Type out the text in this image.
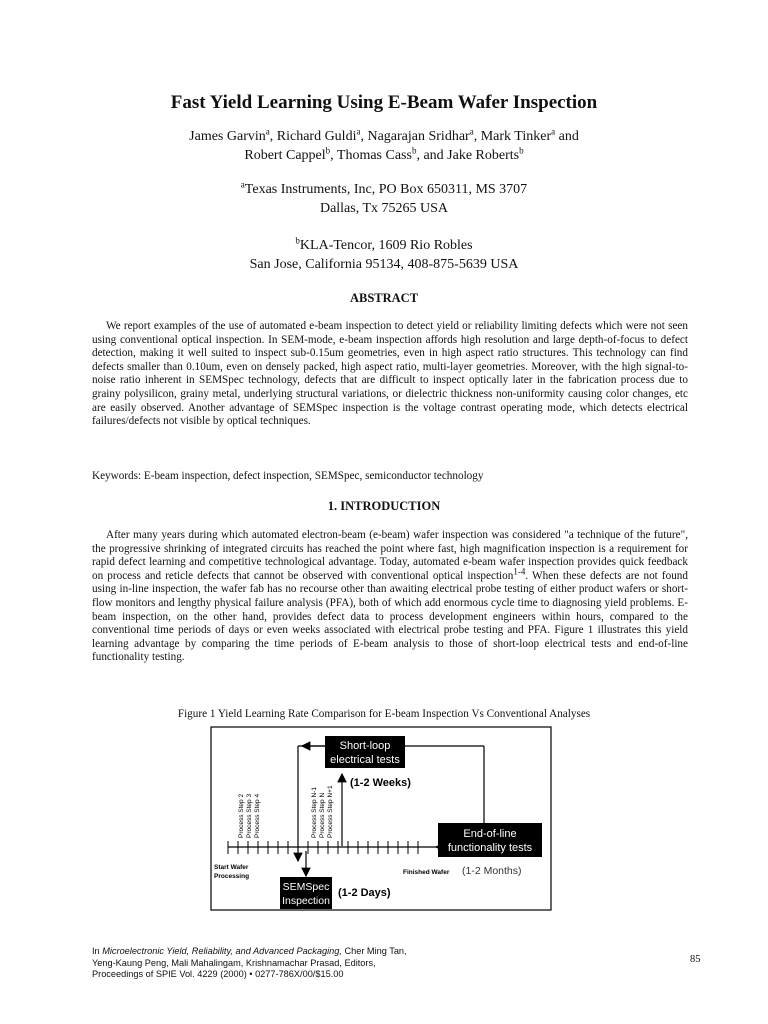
Fast Yield Learning Using E-Beam Wafer Inspection
James Garvin$^a$, Richard Guldi$^a$, Nagarajan Sridhar$^a$, Mark Tinker$^a$ and
Robert Cappel$^b$, Thomas Cass$^b$, and Jake Roberts$^b$
$^a$Texas Instruments, Inc, PO Box 650311, MS 3707
Dallas, Tx 75265 USA
$^b$KLA-Tencor, 1609 Rio Robles
San Jose, California 95134, 408-875-5639 USA
ABSTRACT
We report examples of the use of automated e-beam inspection to detect yield or reliability limiting defects which were not seen using conventional optical inspection. In SEM-mode, e-beam inspection affords high resolution and large depth-of-focus to defect detection, making it well suited to inspect sub-0.15um geometries, even in high aspect ratio structures. This technology can find defects smaller than 0.10um, even on densely packed, high aspect ratio, multi-layer geometries. Moreover, with the high signal-to-noise ratio inherent in SEMSpec technology, defects that are difficult to inspect optically later in the fabrication process due to grainy polysilicon, grainy metal, underlying structural variations, or dielectric thickness non-uniformity causing color changes, etc are easily observed. Another advantage of SEMSpec inspection is the voltage contrast operating mode, which detects electrical failures/defects not visible by optical techniques.
Keywords: E-beam inspection, defect inspection, SEMSpec, semiconductor technology
1. INTRODUCTION
After many years during which automated electron-beam (e-beam) wafer inspection was considered "a technique of the future", the progressive shrinking of integrated circuits has reached the point where fast, high magnification inspection is a requirement for rapid defect learning and competitive technological advantage. Today, automated e-beam wafer inspection provides quick feedback on process and reticle defects that cannot be observed with conventional optical inspection$^{1-4}$. When these defects are not found using in-line inspection, the wafer fab has no recourse other than awaiting electrical probe testing of either product wafers or short-flow monitors and lengthy physical failure analysis (PFA), both of which add enormous cycle time to diagnosing yield problems. E-beam inspection, on the other hand, provides defect data to process development engineers within hours, compared to the conventional time periods of days or even weeks associated with electrical probe testing and PFA. Figure 1 illustrates this yield learning advantage by comparing the time periods of E-beam analysis to those of short-loop electrical tests and end-of-line functionality testing.
Figure 1 Yield Learning Rate Comparison for E-beam Inspection Vs Conventional Analyses
Short-loop
electrical tests
(1-2 Weeks)
Process Step 2 Process Step 3 Process Step 4	Process Step N-1 Process Step N Process Step N+1	End-of-line
functionality tests
Start Wafer
Processing
Finished Wafer (1-2 Months)
SEMSpec
Inspection
(1-2 Days)
In Microelectronic Yield, Reliability, and Advanced Packaging, Cher Ming Tan,
Yeng-Kaung Peng, Mali Mahalingam, Krishnamachar Prasad, Editors,
Proceedings of SPIE Vol. 4229 (2000) • 0277-786X/00/$15.00
85
